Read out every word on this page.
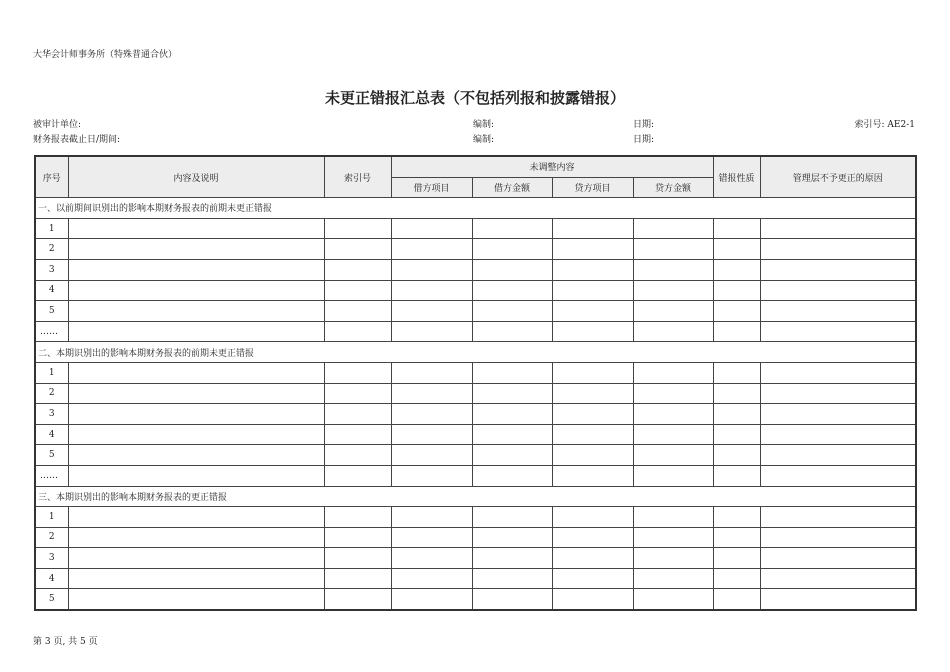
大华会计师事务所（特殊普通合伙）
未更正错报汇总表（不包括列报和披露错报）
被审计单位:	编制:	日期:	索引号: AE2-1
财务报表截止日/期间:	编制:	日期:
序号	内容及说明	索引号	未调整内容				错报性质	管理层不予更正的原因
			借方项目	借方金额	贷方项目	贷方金额		
一、以前期间识别出的影响本期财务报表的前期未更正错报								
1								
2								
3								
4								
5								
……								
二、本期识别出的影响本期财务报表的前期未更正错报								
1								
2								
3								
4								
5								
……								
三、本期识别出的影响本期财务报表的更正错报								
1								
2								
3								
4								
5								
第 3 页, 共 5 页
